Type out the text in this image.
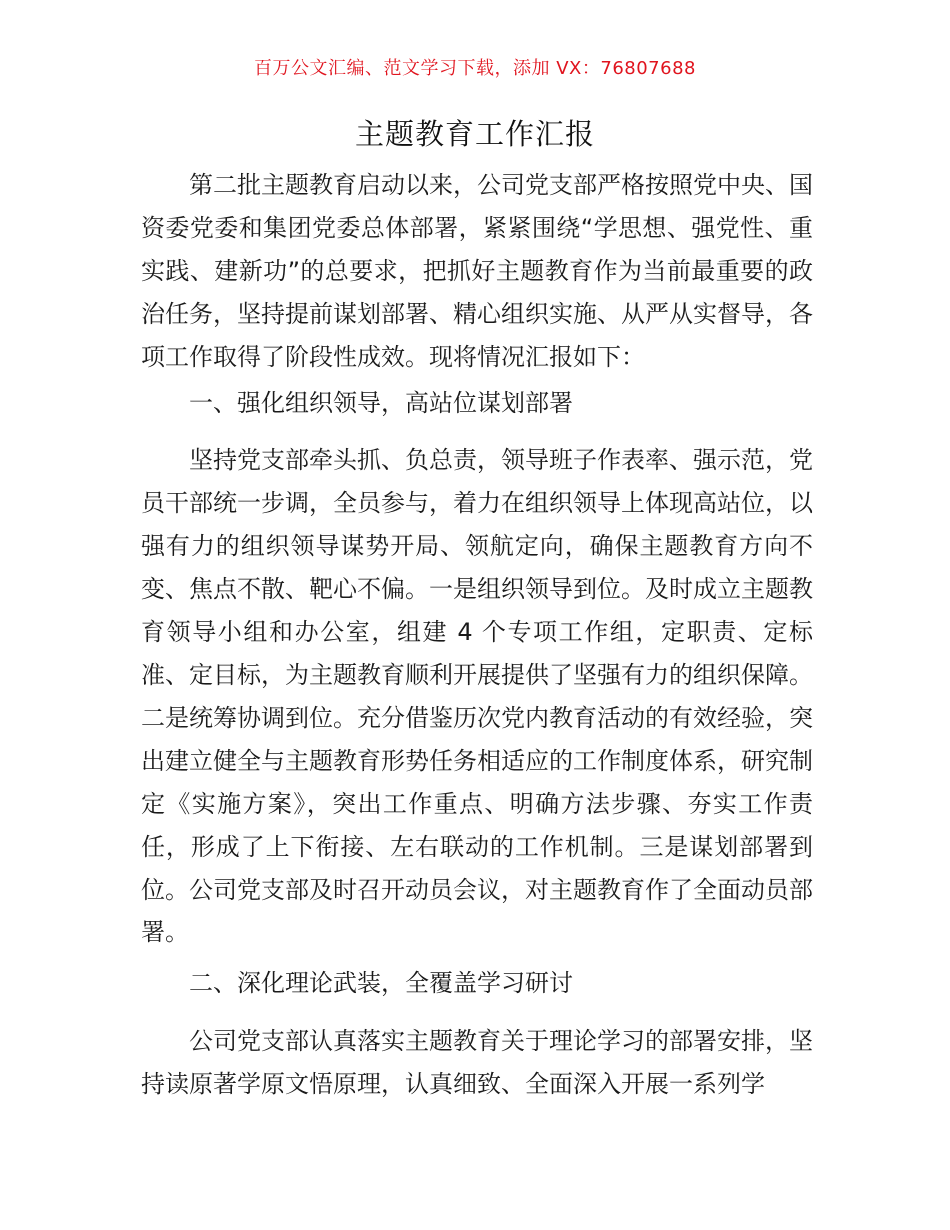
百万公文汇编、范文学习下载，添加 VX：76807688
主题教育工作汇报

第二批主题教育启动以来，公司党支部严格按照党中央、国资委党委和集团党委总体部署，紧紧围绕“学思想、强党性、重实践、建新功”的总要求，把抓好主题教育作为当前最重要的政治任务，坚持提前谋划部署、精心组织实施、从严从实督导，各项工作取得了阶段性成效。现将情况汇报如下：

一、强化组织领导，高站位谋划部署

坚持党支部牵头抓、负总责，领导班子作表率、强示范，党员干部统一步调，全员参与，着力在组织领导上体现高站位，以强有力的组织领导谋势开局、领航定向，确保主题教育方向不变、焦点不散、靶心不偏。一是组织领导到位。及时成立主题教育领导小组和办公室，组建 4 个专项工作组，定职责、定标准、定目标，为主题教育顺利开展提供了坚强有力的组织保障。二是统筹协调到位。充分借鉴历次党内教育活动的有效经验，突出建立健全与主题教育形势任务相适应的工作制度体系，研究制定《实施方案》，突出工作重点、明确方法步骤、夯实工作责任，形成了上下衔接、左右联动的工作机制。三是谋划部署到位。公司党支部及时召开动员会议，对主题教育作了全面动员部署。

二、深化理论武装，全覆盖学习研讨

公司党支部认真落实主题教育关于理论学习的部署安排，坚持读原著学原文悟原理，认真细致、全面深入开展一系列学
